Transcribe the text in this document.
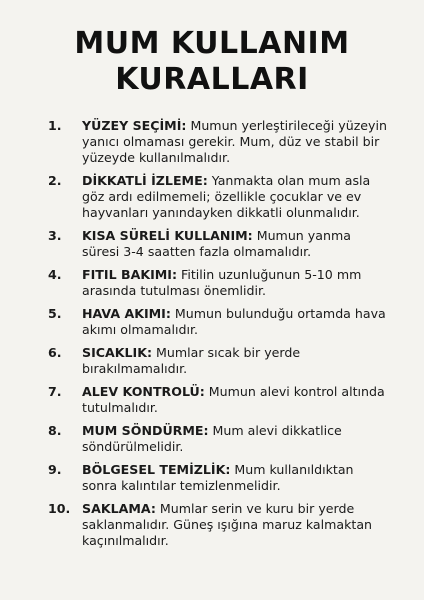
MUM KULLANIM
KURALLARI
1.	YÜZEY SEÇİMİ: Mumun yerleştirileceği yüzeyin yanıcı olmaması gerekir. Mum, düz ve stabil bir yüzeyde kullanılmalıdır.
2.	DİKKATLİ İZLEME: Yanmakta olan mum asla göz ardı edilmemeli; özellikle çocuklar ve ev hayvanları yanındayken dikkatli olunmalıdır.
3.	KISA SÜRELİ KULLANIM: Mumun yanma süresi 3-4 saatten fazla olmamalıdır.
4.	FITIL BAKIMI: Fitilin uzunluğunun 5-10 mm arasında tutulması önemlidir.
5.	HAVA AKIMI: Mumun bulunduğu ortamda hava akımı olmamalıdır.
6.	SICAKLIK: Mumlar sıcak bir yerde bırakılmamalıdır.
7.	ALEV KONTROLÜ: Mumun alevi kontrol altında tutulmalıdır.
8.	MUM SÖNDÜRME: Mum alevi dikkatlice söndürülmelidir.
9.	BÖLGESEL TEMİZLİK: Mum kullanıldıktan sonra kalıntılar temizlenmelidir.
10. SAKLAMA: Mumlar serin ve kuru bir yerde saklanmalıdır. Güneş ışığına maruz kalmaktan kaçınılmalıdır.
